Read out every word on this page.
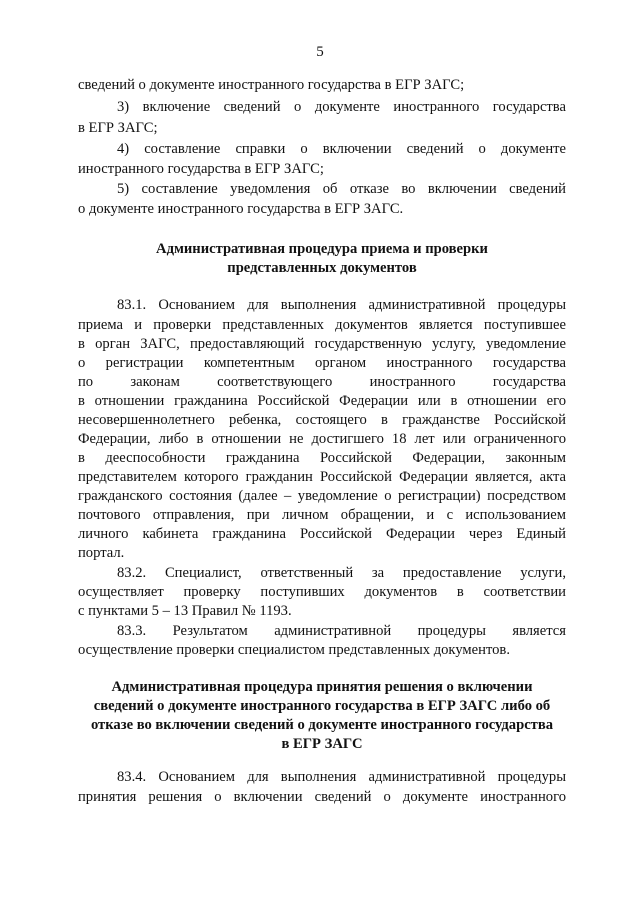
5

сведений о документе иностранного государства в ЕГР ЗАГС;

3) включение сведений о документе иностранного государства

в ЕГР ЗАГС;

4) составление справки о включении сведений о документе

иностранного государства в ЕГР ЗАГС;

5) составление уведомления об отказе во включении сведений

о документе иностранного государства в ЕГР ЗАГС.

Административная процедура приема и проверки

представленных документов

83.1. Основанием для выполнения административной процедуры

приема и проверки представленных документов является поступившее

в орган ЗАГС, предоставляющий государственную услугу, уведомление

о регистрации компетентным органом иностранного государства

по законам соответствующего иностранного государства

в отношении гражданина Российской Федерации или в отношении его

несовершеннолетнего ребенка, состоящего в гражданстве Российской

Федерации, либо в отношении не достигшего 18 лет или ограниченного

в дееспособности гражданина Российской Федерации, законным

представителем которого гражданин Российской Федерации является, акта

гражданского состояния (далее – уведомление о регистрации) посредством

почтового отправления, при личном обращении, и с использованием

личного кабинета гражданина Российской Федерации через Единый

портал.

83.2. Специалист, ответственный за предоставление услуги,

осуществляет проверку поступивших документов в соответствии

с пунктами 5 – 13 Правил № 1193.

83.3. Результатом административной процедуры является

осуществление проверки специалистом представленных документов.

Административная процедура принятия решения о включении

сведений о документе иностранного государства в ЕГР ЗАГС либо об

отказе во включении сведений о документе иностранного государства

в ЕГР ЗАГС

83.4. Основанием для выполнения административной процедуры

принятия решения о включении сведений о документе иностранного
